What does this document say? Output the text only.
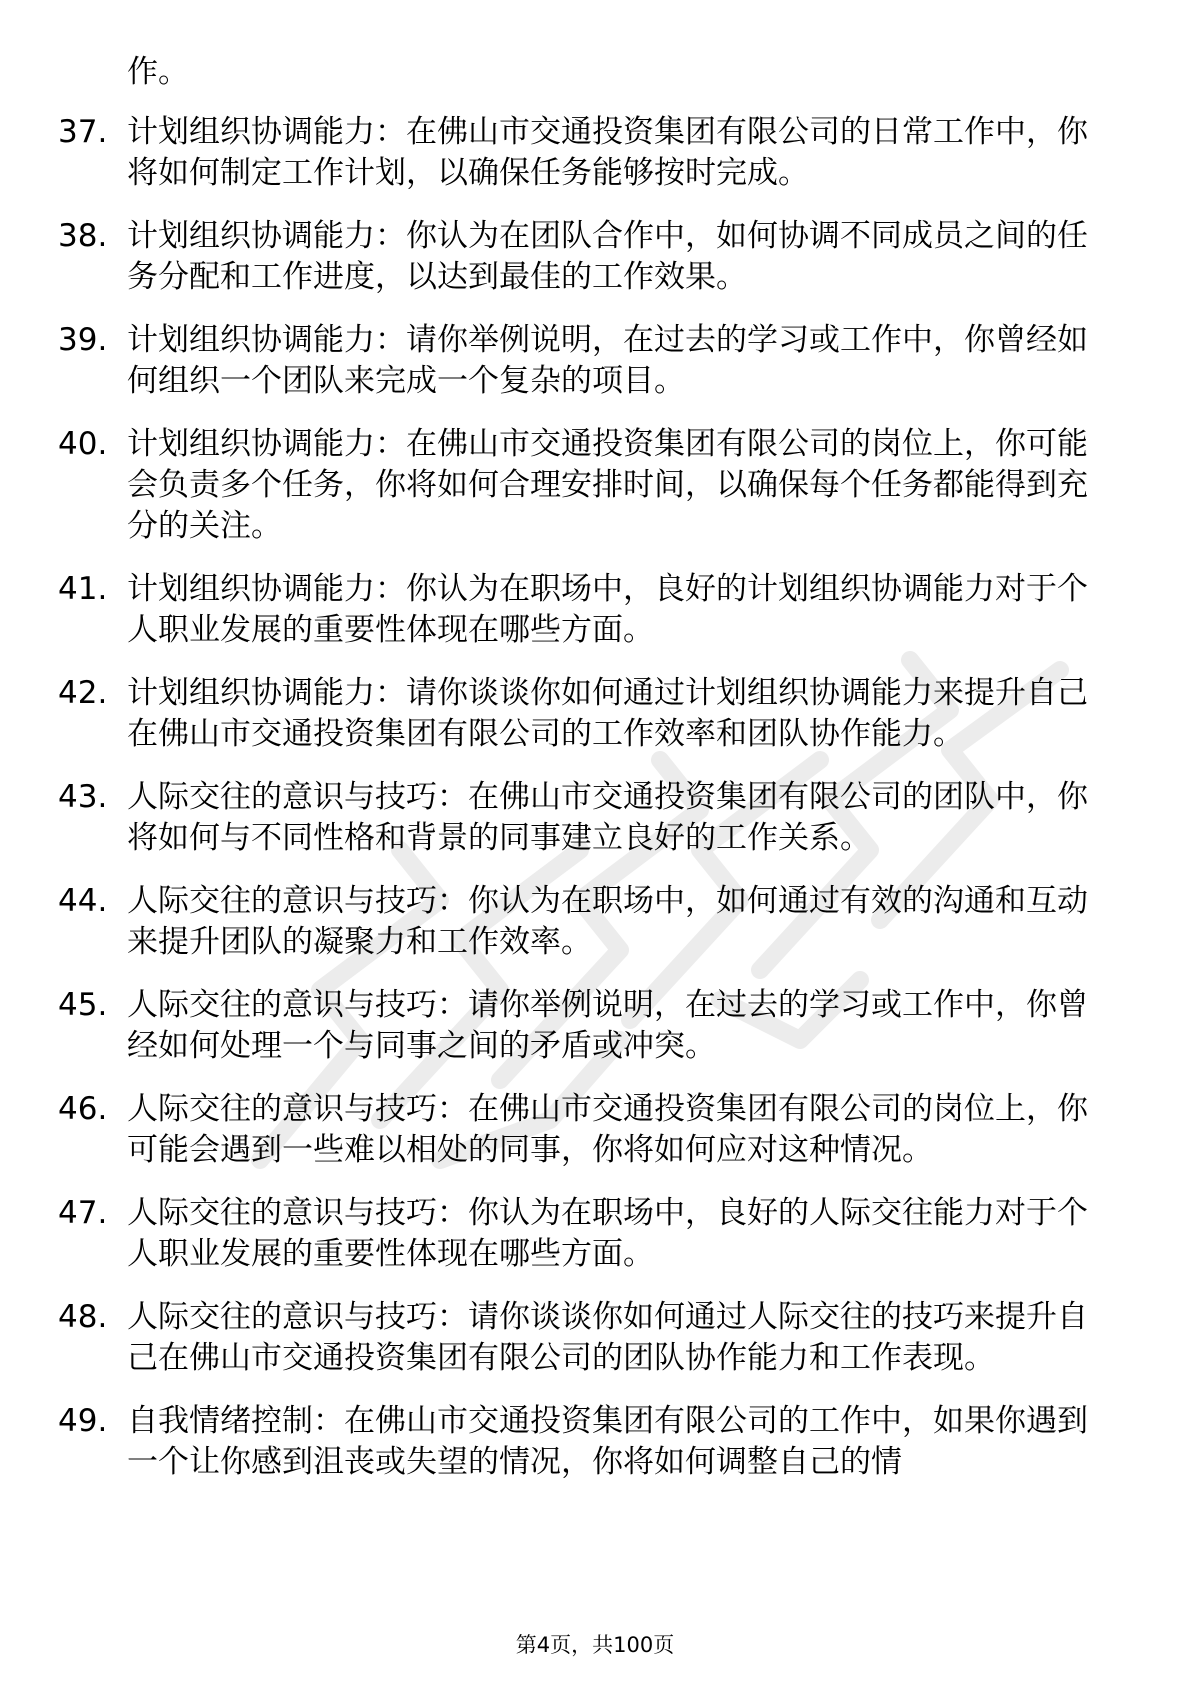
作。

37. 计划组织协调能力：在佛山市交通投资集团有限公司的日常工作中，你将如何制定工作计划，以确保任务能够按时完成。
38. 计划组织协调能力：你认为在团队合作中，如何协调不同成员之间的任务分配和工作进度，以达到最佳的工作效果。
39. 计划组织协调能力：请你举例说明，在过去的学习或工作中，你曾经如何组织一个团队来完成一个复杂的项目。
40. 计划组织协调能力：在佛山市交通投资集团有限公司的岗位上，你可能会负责多个任务，你将如何合理安排时间，以确保每个任务都能得到充分的关注。
41. 计划组织协调能力：你认为在职场中，良好的计划组织协调能力对于个人职业发展的重要性体现在哪些方面。
42. 计划组织协调能力：请你谈谈你如何通过计划组织协调能力来提升自己在佛山市交通投资集团有限公司的工作效率和团队协作能力。
43. 人际交往的意识与技巧：在佛山市交通投资集团有限公司的团队中，你将如何与不同性格和背景的同事建立良好的工作关系。
44. 人际交往的意识与技巧：你认为在职场中，如何通过有效的沟通和互动来提升团队的凝聚力和工作效率。
45. 人际交往的意识与技巧：请你举例说明，在过去的学习或工作中，你曾经如何处理一个与同事之间的矛盾或冲突。
46. 人际交往的意识与技巧：在佛山市交通投资集团有限公司的岗位上，你可能会遇到一些难以相处的同事，你将如何应对这种情况。
47. 人际交往的意识与技巧：你认为在职场中，良好的人际交往能力对于个人职业发展的重要性体现在哪些方面。
48. 人际交往的意识与技巧：请你谈谈你如何通过人际交往的技巧来提升自己在佛山市交通投资集团有限公司的团队协作能力和工作表现。
49. 自我情绪控制：在佛山市交通投资集团有限公司的工作中，如果你遇到一个让你感到沮丧或失望的情况，你将如何调整自己的情
第4页，共100页
